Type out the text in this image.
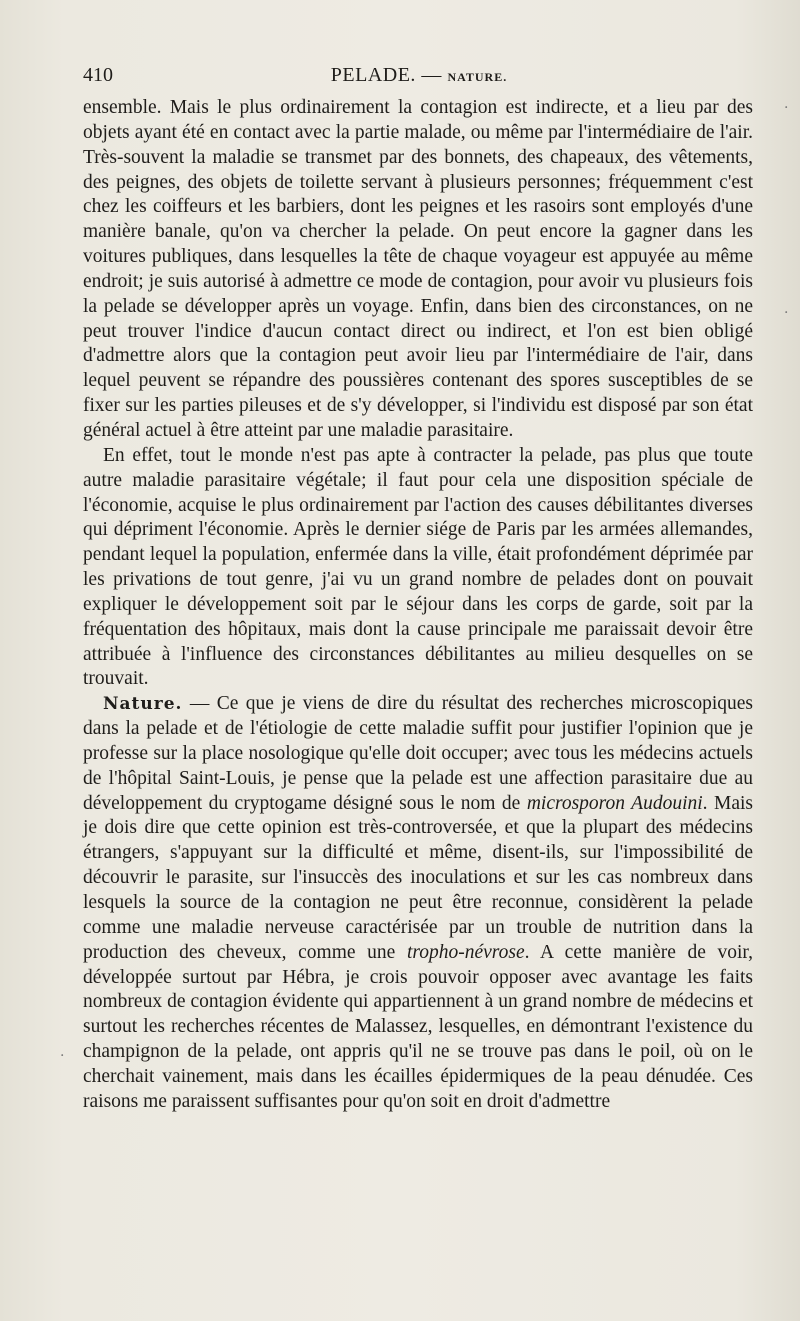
410	PELADE. — NATURE.

ensemble. Mais le plus ordinairement la contagion est indirecte, et a lieu par des objets ayant été en contact avec la partie malade, ou même par l'intermédiaire de l'air. Très-souvent la maladie se transmet par des bonnets, des chapeaux, des vêtements, des peignes, des objets de toilette servant à plusieurs personnes; fréquemment c'est chez les coiffeurs et les barbiers, dont les peignes et les rasoirs sont employés d'une manière banale, qu'on va chercher la pelade. On peut encore la gagner dans les voitures publiques, dans lesquelles la tête de chaque voyageur est appuyée au même endroit; je suis autorisé à admettre ce mode de contagion, pour avoir vu plusieurs fois la pelade se développer après un voyage. Enfin, dans bien des circonstances, on ne peut trouver l'indice d'aucun contact direct ou indirect, et l'on est bien obligé d'admettre alors que la contagion peut avoir lieu par l'intermédiaire de l'air, dans lequel peuvent se répandre des poussières contenant des spores susceptibles de se fixer sur les parties pileuses et de s'y développer, si l'individu est disposé par son état général actuel à être atteint par une maladie parasitaire.

En effet, tout le monde n'est pas apte à contracter la pelade, pas plus que toute autre maladie parasitaire végétale; il faut pour cela une disposition spéciale de l'économie, acquise le plus ordinairement par l'action des causes débilitantes diverses qui dépriment l'économie. Après le dernier siége de Paris par les armées allemandes, pendant lequel la population, enfermée dans la ville, était profondément déprimée par les privations de tout genre, j'ai vu un grand nombre de pelades dont on pouvait expliquer le développement soit par le séjour dans les corps de garde, soit par la fréquentation des hôpitaux, mais dont la cause principale me paraissait devoir être attribuée à l'influence des circonstances débilitantes au milieu desquelles on se trouvait.

Nature. — Ce que je viens de dire du résultat des recherches microscopiques dans la pelade et de l'étiologie de cette maladie suffit pour justifier l'opinion que je professe sur la place nosologique qu'elle doit occuper; avec tous les médecins actuels de l'hôpital Saint-Louis, je pense que la pelade est une affection parasitaire due au développement du cryptogame désigné sous le nom de microsporon Audouini. Mais je dois dire que cette opinion est très-controversée, et que la plupart des médecins étrangers, s'appuyant sur la difficulté et même, disent-ils, sur l'impossibilité de découvrir le parasite, sur l'insuccès des inoculations et sur les cas nombreux dans lesquels la source de la contagion ne peut être reconnue, considèrent la pelade comme une maladie nerveuse caractérisée par un trouble de nutrition dans la production des cheveux, comme une tropho-névrose. A cette manière de voir, développée surtout par Hébra, je crois pouvoir opposer avec avantage les faits nombreux de contagion évidente qui appartiennent à un grand nombre de médecins et surtout les recherches récentes de Malassez, lesquelles, en démontrant l'existence du champignon de la pelade, ont appris qu'il ne se trouve pas dans le poil, où on le cherchait vainement, mais dans les écailles épidermiques de la peau dénudée. Ces raisons me paraissent suffisantes pour qu'on soit en droit d'admettre

·
·
·
